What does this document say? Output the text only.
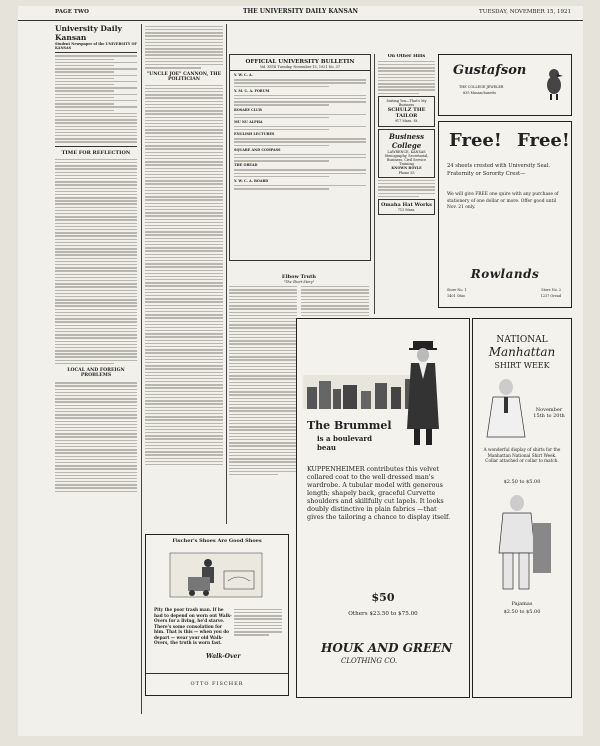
PAGE TWO	THE UNIVERSITY DAILY KANSAN	TUESDAY, NOVEMBER 15, 1921
University Daily Kansan
Student Newspaper of the UNIVERSITY OF KANSAS
TIME FOR REFLECTION
LOCAL AND FOREIGN PROBLEMS
"UNCLE JOE" CANNON, THE POLITICIAN
OFFICIAL UNIVERSITY BULLETIN
Vol. XVIII Tuesday, November 15, 1921 No. 37
Y. W. C. A.
Y. M. C. A. FORUM
ROSARY CLUB
MU NU ALPHA
ENGLISH LECTURES
SQUARE AND COMPASS
THE OREAD
Y. W. C. A. BOARD
Elbow Truth
"The Short Story"
On Other Hills
Suiting You—That's My Business
SCHULZ THE TAILOR
917 Mass. St.
Business College
LAWRENCE, KANSAS
Stenography, Secretarial, Business, Civil Service Training
KNOWN BOYLE
Phone 55
Omaha Hat Works
713 Mass.
Gustafson
THE COLLEGE JEWELER
835 Massachusetts
Free! Free!
24 sheets crested with University Seal. Fraternity or Sorority Crest—
We will give FREE one quire with any purchase of stationery of one dollar or more. Offer good until Nov. 21 only.
Rowlands
Store No. 1
1401 Ohio
Store No. 2
1237 Oread
Fischer's Shoes Are Good Shoes
Pity the poor trash man. If he had to depend on worn out Walk-Overs for a living, he'd starve. There's some consolation for him. That is this — when you do depart — wear your old Walk-Overs, the truth is worn fast.
Walk-Over
OTTO FISCHER
The Brummel
is a boulevard beau
KUPPENHEIMER contributes this velvet collared coat to the well dressed man's wardrobe. A tubular model with generous length; shapely back, graceful Curvette shoulders and skillfully cut lapels. It looks doubly distinctive in plain fabrics —that gives the tailoring a chance to display itself.
$50
Others $23.50 to $75.00
HOUK AND GREEN
CLOTHING CO.
NATIONAL
Manhattan
SHIRT WEEK
November 15th to 20th
A wonderful display of shirts for the Manhattan National Shirt Week. Collar attached or collar to match.
$2.50 to $5.00
Pajamas
$2.50 to $5.00
